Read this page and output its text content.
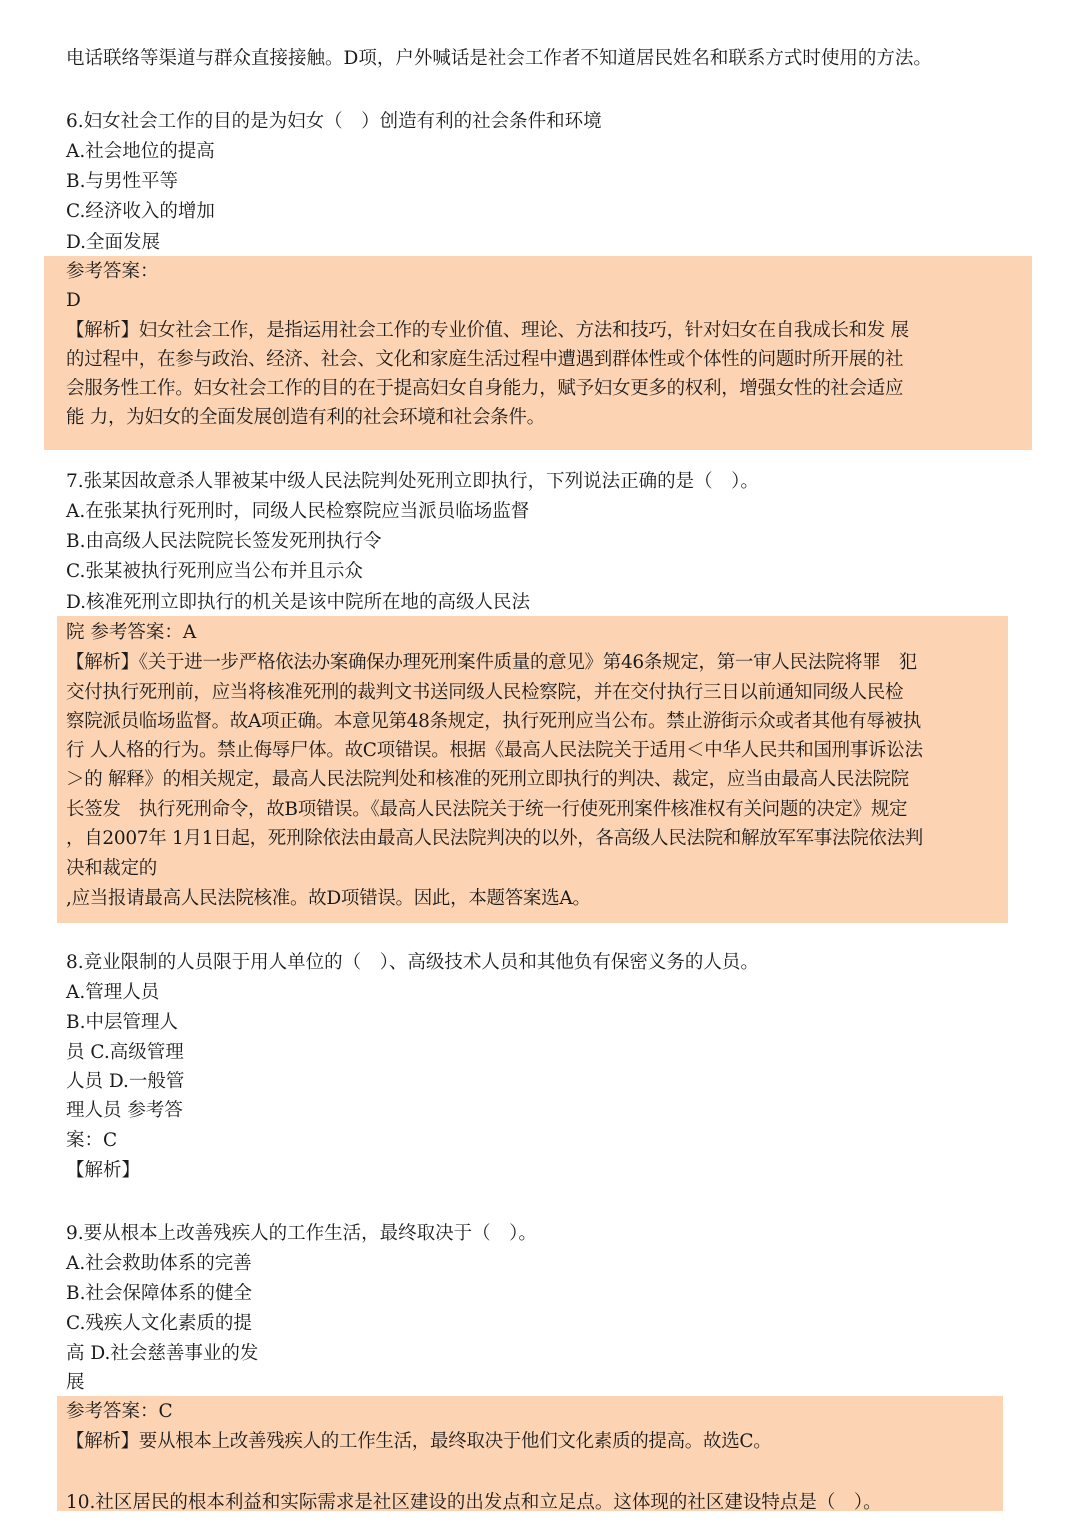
电话联络等渠道与群众直接接触。D项，户外喊话是社会工作者不知道居民姓名和联系方式时使用的方法。
6.妇女社会工作的目的是为妇女（　）创造有利的社会条件和环境
A.社会地位的提高
B.与男性平等
C.经济收入的增加
D.全面发展
参考答案：
D
【解析】妇女社会工作，是指运用社会工作的专业价值、理论、方法和技巧，针对妇女在自我成长和发 展
的过程中，在参与政治、经济、社会、文化和家庭生活过程中遭遇到群体性或个体性的问题时所开展的社
会服务性工作。妇女社会工作的目的在于提高妇女自身能力，赋予妇女更多的权利，增强女性的社会适应
能 力，为妇女的全面发展创造有利的社会环境和社会条件。
7.张某因故意杀人罪被某中级人民法院判处死刑立即执行，下列说法正确的是（　）。
A.在张某执行死刑时，同级人民检察院应当派员临场监督
B.由高级人民法院院长签发死刑执行令
C.张某被执行死刑应当公布并且示众
D.核准死刑立即执行的机关是该中院所在地的高级人民法
院 参考答案：A
【解析】《关于进一步严格依法办案确保办理死刑案件质量的意见》第46条规定，第一审人民法院将罪　犯
交付执行死刑前，应当将核准死刑的裁判文书送同级人民检察院，并在交付执行三日以前通知同级人民检
察院派员临场监督。故A项正确。本意见第48条规定，执行死刑应当公布。禁止游街示众或者其他有辱被执
行 人人格的行为。禁止侮辱尸体。故C项错误。根据《最高人民法院关于适用＜中华人民共和国刑事诉讼法
＞的 解释》的相关规定，最高人民法院判处和核准的死刑立即执行的判决、裁定，应当由最高人民法院院
长签发　执行死刑命令，故B项错误。《最高人民法院关于统一行使死刑案件核准权有关问题的决定》规定
，自2007年 1月1日起，死刑除依法由最高人民法院判决的以外，各高级人民法院和解放军军事法院依法判
决和裁定的
,应当报请最高人民法院核准。故D项错误。因此，本题答案选A。
8.竞业限制的人员限于用人单位的（　）、高级技术人员和其他负有保密义务的人员。
A.管理人员
B.中层管理人
员 C.高级管理
人员 D.一般管
理人员 参考答
案：C
【解析】
9.要从根本上改善残疾人的工作生活，最终取决于（　）。
A.社会救助体系的完善
B.社会保障体系的健全
C.残疾人文化素质的提
高 D.社会慈善事业的发
展
参考答案：C
【解析】要从根本上改善残疾人的工作生活，最终取决于他们文化素质的提高。故选C。
10.社区居民的根本利益和实际需求是社区建设的出发点和立足点。这体现的社区建设特点是（　）。
